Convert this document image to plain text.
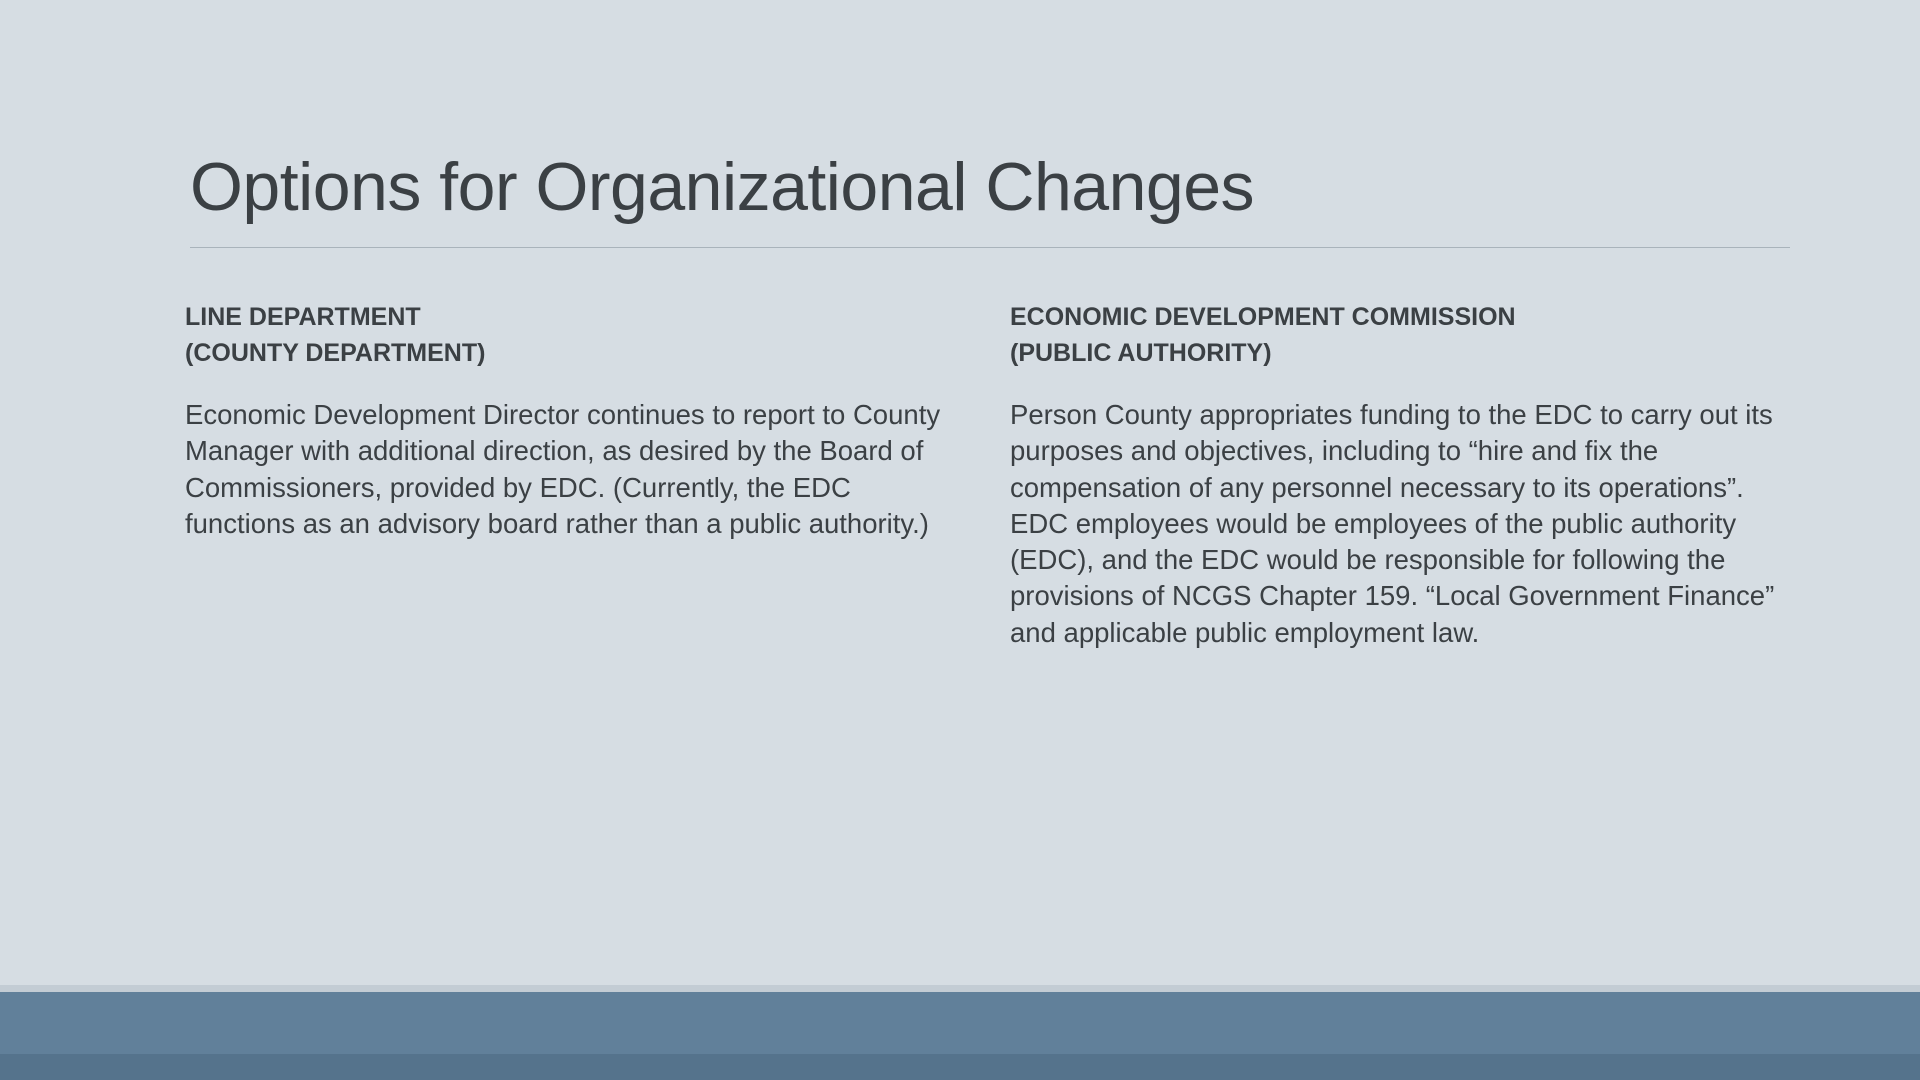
Options for Organizational Changes
LINE DEPARTMENT
(COUNTY DEPARTMENT)

Economic Development Director continues to report to County Manager with additional direction, as desired by the Board of Commissioners, provided by EDC. (Currently, the EDC functions as an advisory board rather than a public authority.)

ECONOMIC DEVELOPMENT COMMISSION
(PUBLIC AUTHORITY)

Person County appropriates funding to the EDC to carry out its purposes and objectives, including to “hire and fix the compensation of any personnel necessary to its operations”. EDC employees would be employees of the public authority (EDC), and the EDC would be responsible for following the provisions of NCGS Chapter 159. “Local Government Finance” and applicable public employment law.
